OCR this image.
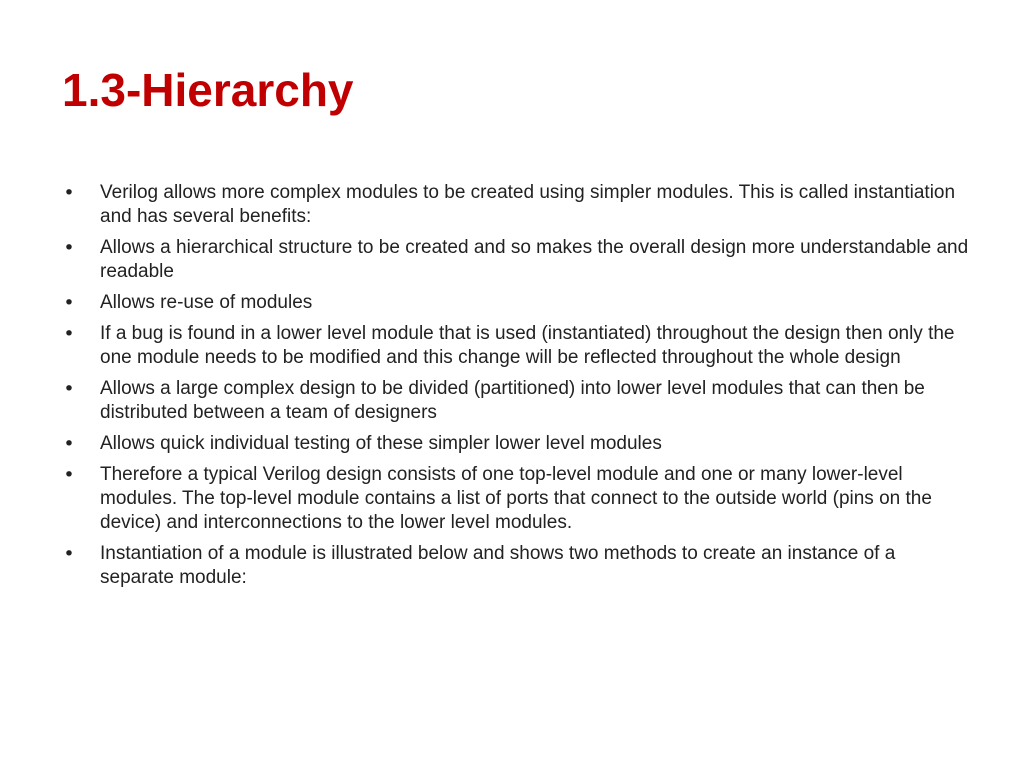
1.3-Hierarchy
• Verilog allows more complex modules to be created using simpler modules. This is called instantiation and has several benefits:
• Allows a hierarchical structure to be created and so makes the overall design more understandable and readable
• Allows re-use of modules
• If a bug is found in a lower level module that is used (instantiated) throughout the design then only the one module needs to be modified and this change will be reflected throughout the whole design
• Allows a large complex design to be divided (partitioned) into lower level modules that can then be distributed between a team of designers
• Allows quick individual testing of these simpler lower level modules
• Therefore a typical Verilog design consists of one top-level module and one or many lower-level modules. The top-level module contains a list of ports that connect to the outside world (pins on the device) and interconnections to the lower level modules.
• Instantiation of a module is illustrated below and shows two methods to create an instance of a separate module:
